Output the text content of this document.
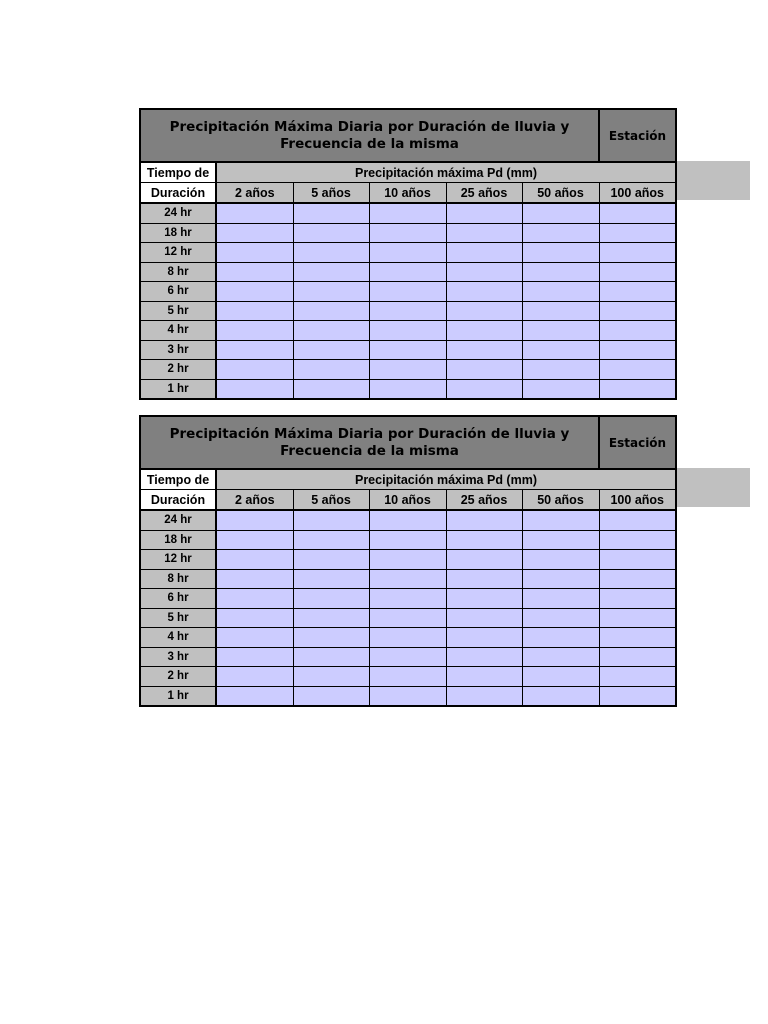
Precipitación Máxima Diaria por Duración de lluvia y Frecuencia de la misma						Estación
Tiempo de	Precipitación máxima Pd (mm)					
Duración	2 años	5 años	10 años	25 años	50 años	100 años
24 hr						
18 hr						
12 hr						
8 hr						
6 hr						
5 hr						
4 hr						
3 hr						
2 hr						
1 hr						
Precipitación Máxima Diaria por Duración de lluvia y Frecuencia de la misma						Estación
Tiempo de	Precipitación máxima Pd (mm)					
Duración	2 años	5 años	10 años	25 años	50 años	100 años
24 hr						
18 hr						
12 hr						
8 hr						
6 hr						
5 hr						
4 hr						
3 hr						
2 hr						
1 hr						
